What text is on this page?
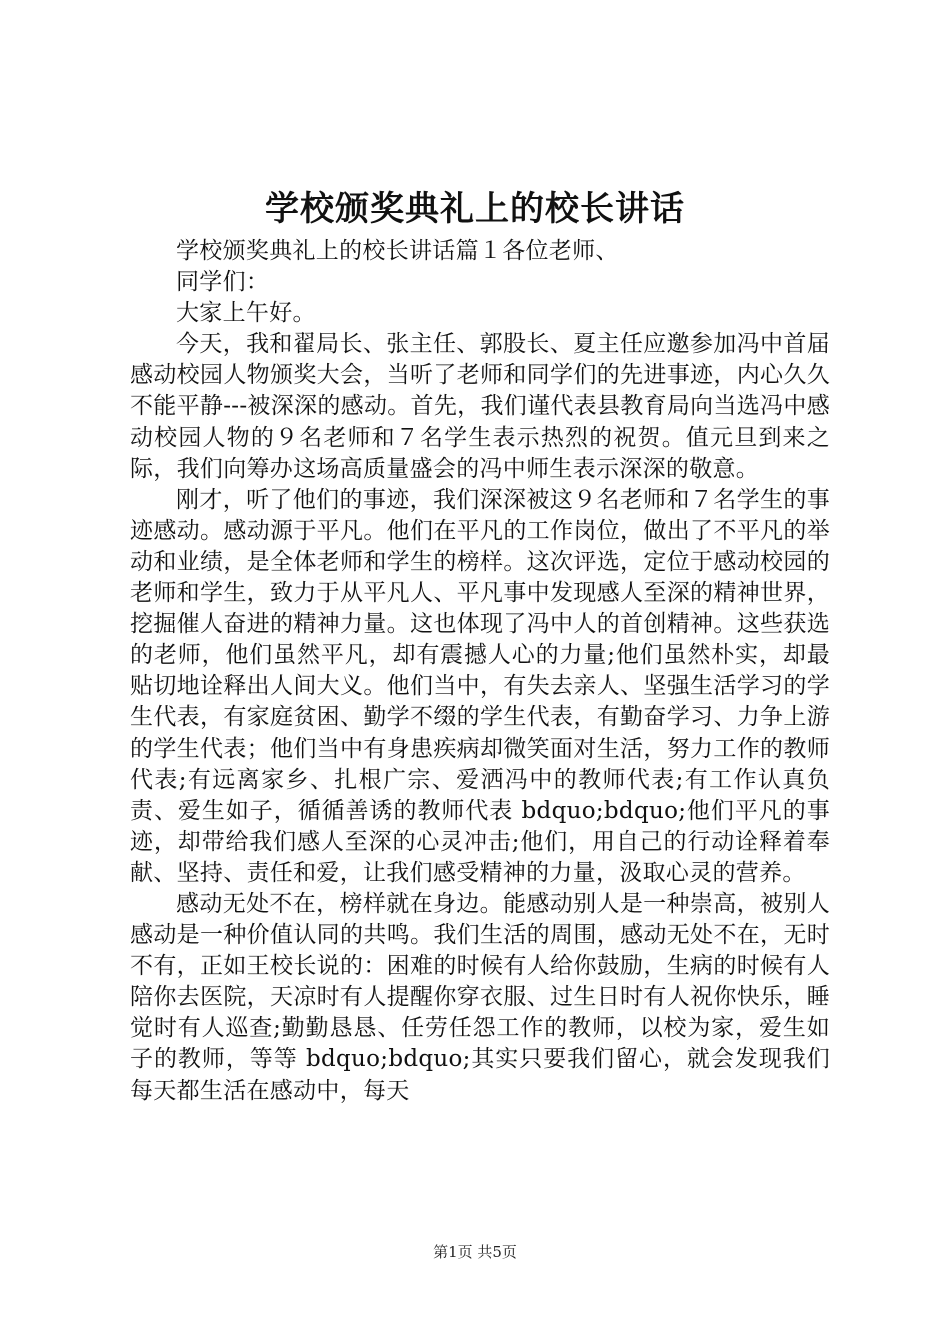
学校颁奖典礼上的校长讲话

学校颁奖典礼上的校长讲话篇１各位老师、

同学们：

大家上午好。

今天，我和翟局长、张主任、郭股长、夏主任应邀参加冯中首届感动校园人物颁奖大会，当听了老师和同学们的先进事迹，内心久久不能平静---被深深的感动。首先，我们谨代表县教育局向当选冯中感动校园人物的９名老师和７名学生表示热烈的祝贺。值元旦到来之际，我们向筹办这场高质量盛会的冯中师生表示深深的敬意。

刚才，听了他们的事迹，我们深深被这９名老师和７名学生的事迹感动。感动源于平凡。他们在平凡的工作岗位，做出了不平凡的举动和业绩，是全体老师和学生的榜样。这次评选，定位于感动校园的老师和学生，致力于从平凡人、平凡事中发现感人至深的精神世界，挖掘催人奋进的精神力量。这也体现了冯中人的首创精神。这些获选的老师，他们虽然平凡，却有震撼人心的力量;他们虽然朴实，却最贴切地诠释出人间大义。他们当中，有失去亲人、坚强生活学习的学生代表，有家庭贫困、勤学不缀的学生代表，有勤奋学习、力争上游的学生代表；他们当中有身患疾病却微笑面对生活，努力工作的教师代表;有远离家乡、扎根广宗、爱洒冯中的教师代表;有工作认真负责、爱生如子，循循善诱的教师代表 bdquo;bdquo;他们平凡的事迹，却带给我们感人至深的心灵冲击;他们，用自己的行动诠释着奉献、坚持、责任和爱，让我们感受精神的力量，汲取心灵的营养。

感动无处不在，榜样就在身边。能感动别人是一种崇高，被别人感动是一种价值认同的共鸣。我们生活的周围，感动无处不在，无时不有，正如王校长说的：困难的时候有人给你鼓励，生病的时候有人陪你去医院，天凉时有人提醒你穿衣服、过生日时有人祝你快乐，睡觉时有人巡查;勤勤恳恳、任劳任怨工作的教师，以校为家，爱生如子的教师，等等 bdquo;bdquo;其实只要我们留心，就会发现我们每天都生活在感动中，每天

第1页 共5页
